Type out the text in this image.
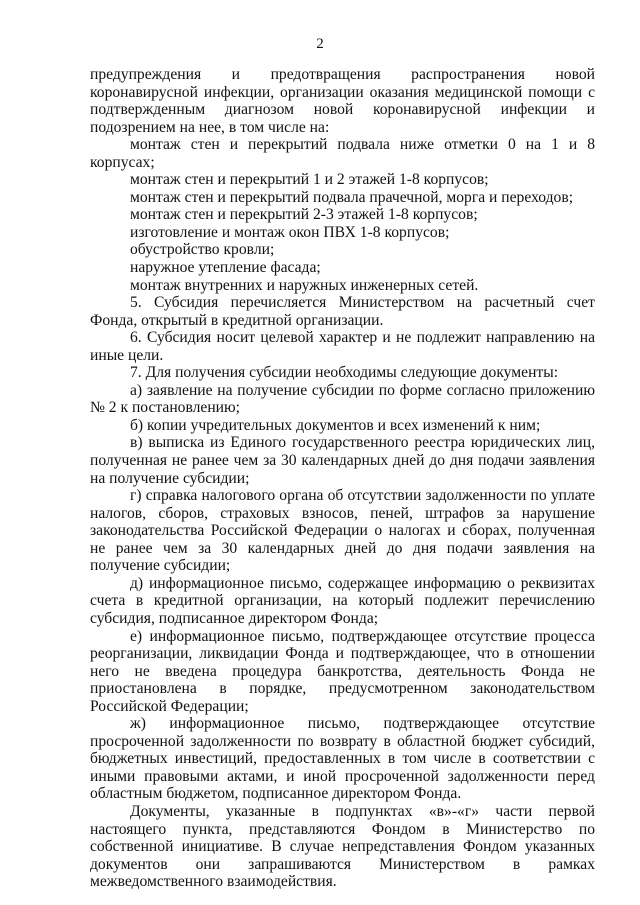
2

предупреждения и предотвращения распространения новой коронавирусной инфекции, организации оказания медицинской помощи с подтвержденным диагнозом новой коронавирусной инфекции и подозрением на нее, в том числе на:

монтаж стен и перекрытий подвала ниже отметки 0 на 1 и 8 корпусах;

монтаж стен и перекрытий 1 и 2 этажей 1-8 корпусов;

монтаж стен и перекрытий подвала прачечной, морга и переходов;

монтаж стен и перекрытий 2-3 этажей 1-8 корпусов;

изготовление и монтаж окон ПВХ 1-8 корпусов;

обустройство кровли;

наружное утепление фасада;

монтаж внутренних и наружных инженерных сетей.

5. Субсидия перечисляется Министерством на расчетный счет Фонда, открытый в кредитной организации.

6. Субсидия носит целевой характер и не подлежит направлению на иные цели.

7. Для получения субсидии необходимы следующие документы:

а) заявление на получение субсидии по форме согласно приложению № 2 к постановлению;

б) копии учредительных документов и всех изменений к ним;

в) выписка из Единого государственного реестра юридических лиц, полученная не ранее чем за 30 календарных дней до дня подачи заявления на получение субсидии;

г) справка налогового органа об отсутствии задолженности по уплате налогов, сборов, страховых взносов, пеней, штрафов за нарушение законодательства Российской Федерации о налогах и сборах, полученная не ранее чем за 30 календарных дней до дня подачи заявления на получение субсидии;

д) информационное письмо, содержащее информацию о реквизитах счета в кредитной организации, на который подлежит перечислению субсидия, подписанное директором Фонда;

е) информационное письмо, подтверждающее отсутствие процесса реорганизации, ликвидации Фонда и подтверждающее, что в отношении него не введена процедура банкротства, деятельность Фонда не приостановлена в порядке, предусмотренном законодательством Российской Федерации;

ж) информационное письмо, подтверждающее отсутствие просроченной задолженности по возврату в областной бюджет субсидий, бюджетных инвестиций, предоставленных в том числе в соответствии с иными правовыми актами, и иной просроченной задолженности перед областным бюджетом, подписанное директором Фонда.

Документы, указанные в подпунктах «в»-«г» части первой настоящего пункта, представляются Фондом в Министерство по собственной инициативе. В случае непредставления Фондом указанных документов они запрашиваются Министерством в рамках межведомственного взаимодействия.
